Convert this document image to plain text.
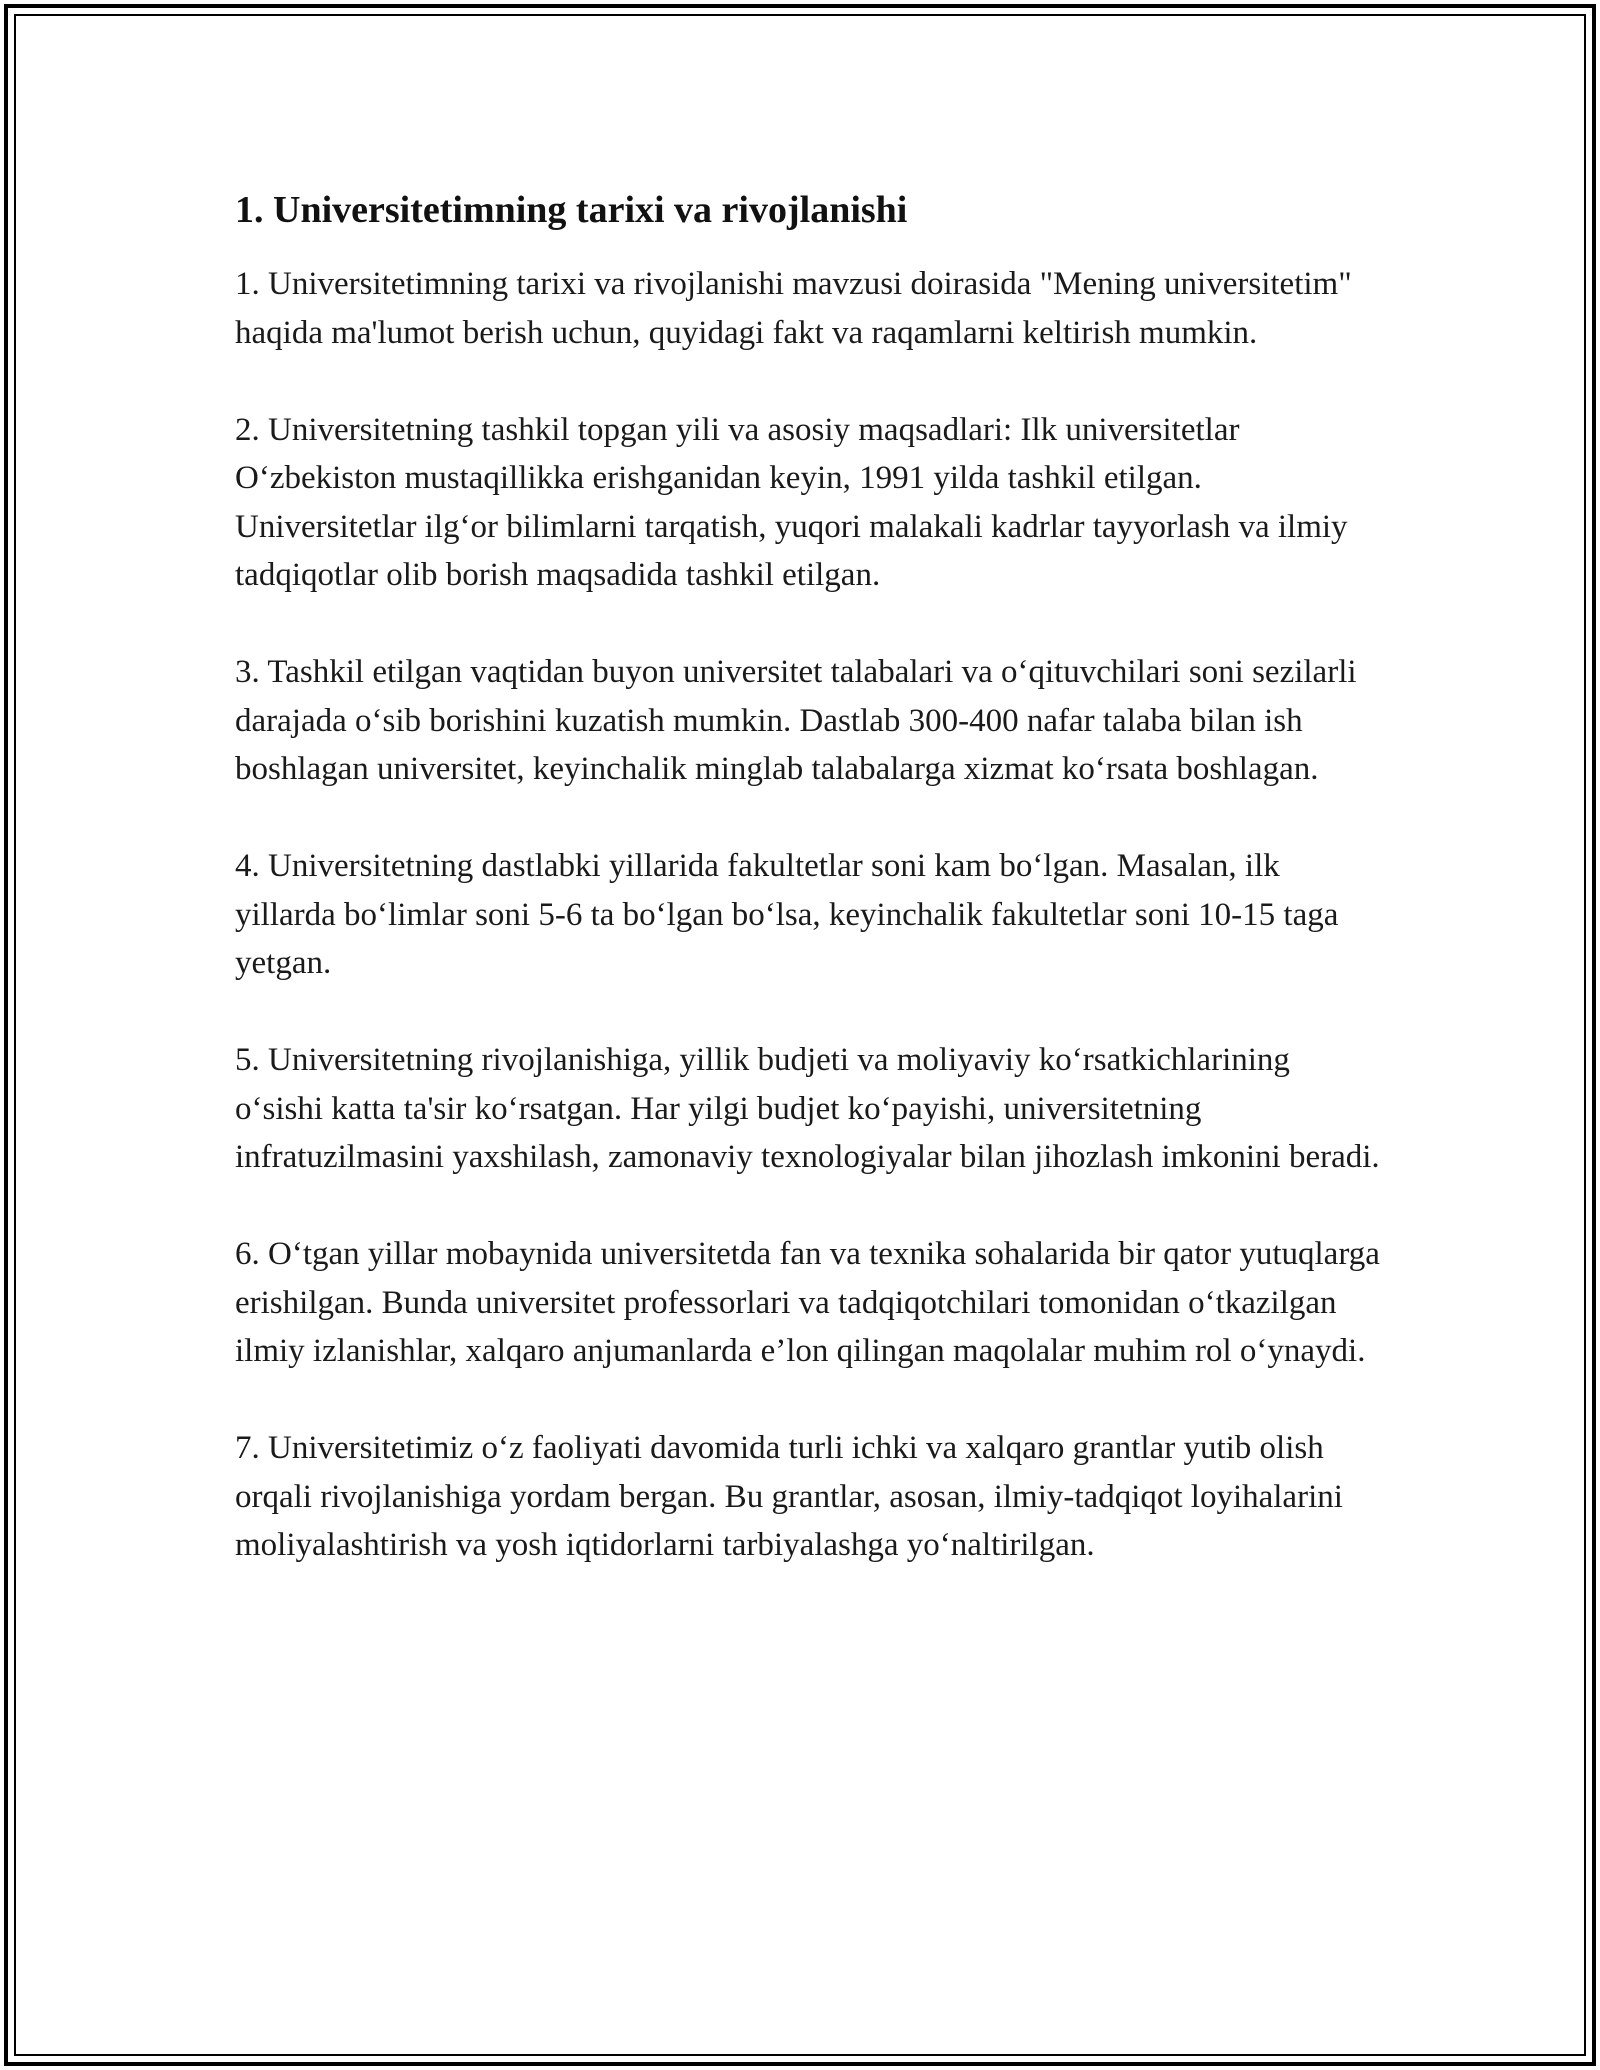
1. Universitetimning tarixi va rivojlanishi

1. Universitetimning tarixi va rivojlanishi mavzusi doirasida "Mening universitetim" haqida ma'lumot berish uchun, quyidagi fakt va raqamlarni keltirish mumkin.

2. Universitetning tashkil topgan yili va asosiy maqsadlari: Ilk universitetlar O‘zbekiston mustaqillikka erishganidan keyin, 1991 yilda tashkil etilgan. Universitetlar ilg‘or bilimlarni tarqatish, yuqori malakali kadrlar tayyorlash va ilmiy tadqiqotlar olib borish maqsadida tashkil etilgan.

3. Tashkil etilgan vaqtidan buyon universitet talabalari va o‘qituvchilari soni sezilarli darajada o‘sib borishini kuzatish mumkin. Dastlab 300-400 nafar talaba bilan ish boshlagan universitet, keyinchalik minglab talabalarga xizmat ko‘rsata boshlagan.

4. Universitetning dastlabki yillarida fakultetlar soni kam bo‘lgan. Masalan, ilk yillarda bo‘limlar soni 5-6 ta bo‘lgan bo‘lsa, keyinchalik fakultetlar soni 10-15 taga yetgan.

5. Universitetning rivojlanishiga, yillik budjeti va moliyaviy ko‘rsatkichlarining o‘sishi katta ta'sir ko‘rsatgan. Har yilgi budjet ko‘payishi, universitetning infratuzilmasini yaxshilash, zamonaviy texnologiyalar bilan jihozlash imkonini beradi.

6. O‘tgan yillar mobaynida universitetda fan va texnika sohalarida bir qator yutuqlarga erishilgan. Bunda universitet professorlari va tadqiqotchilari tomonidan o‘tkazilgan ilmiy izlanishlar, xalqaro anjumanlarda e’lon qilingan maqolalar muhim rol o‘ynaydi.

7. Universitetimiz o‘z faoliyati davomida turli ichki va xalqaro grantlar yutib olish orqali rivojlanishiga yordam bergan. Bu grantlar, asosan, ilmiy-tadqiqot loyihalarini moliyalashtirish va yosh iqtidorlarni tarbiyalashga yo‘naltirilgan.
